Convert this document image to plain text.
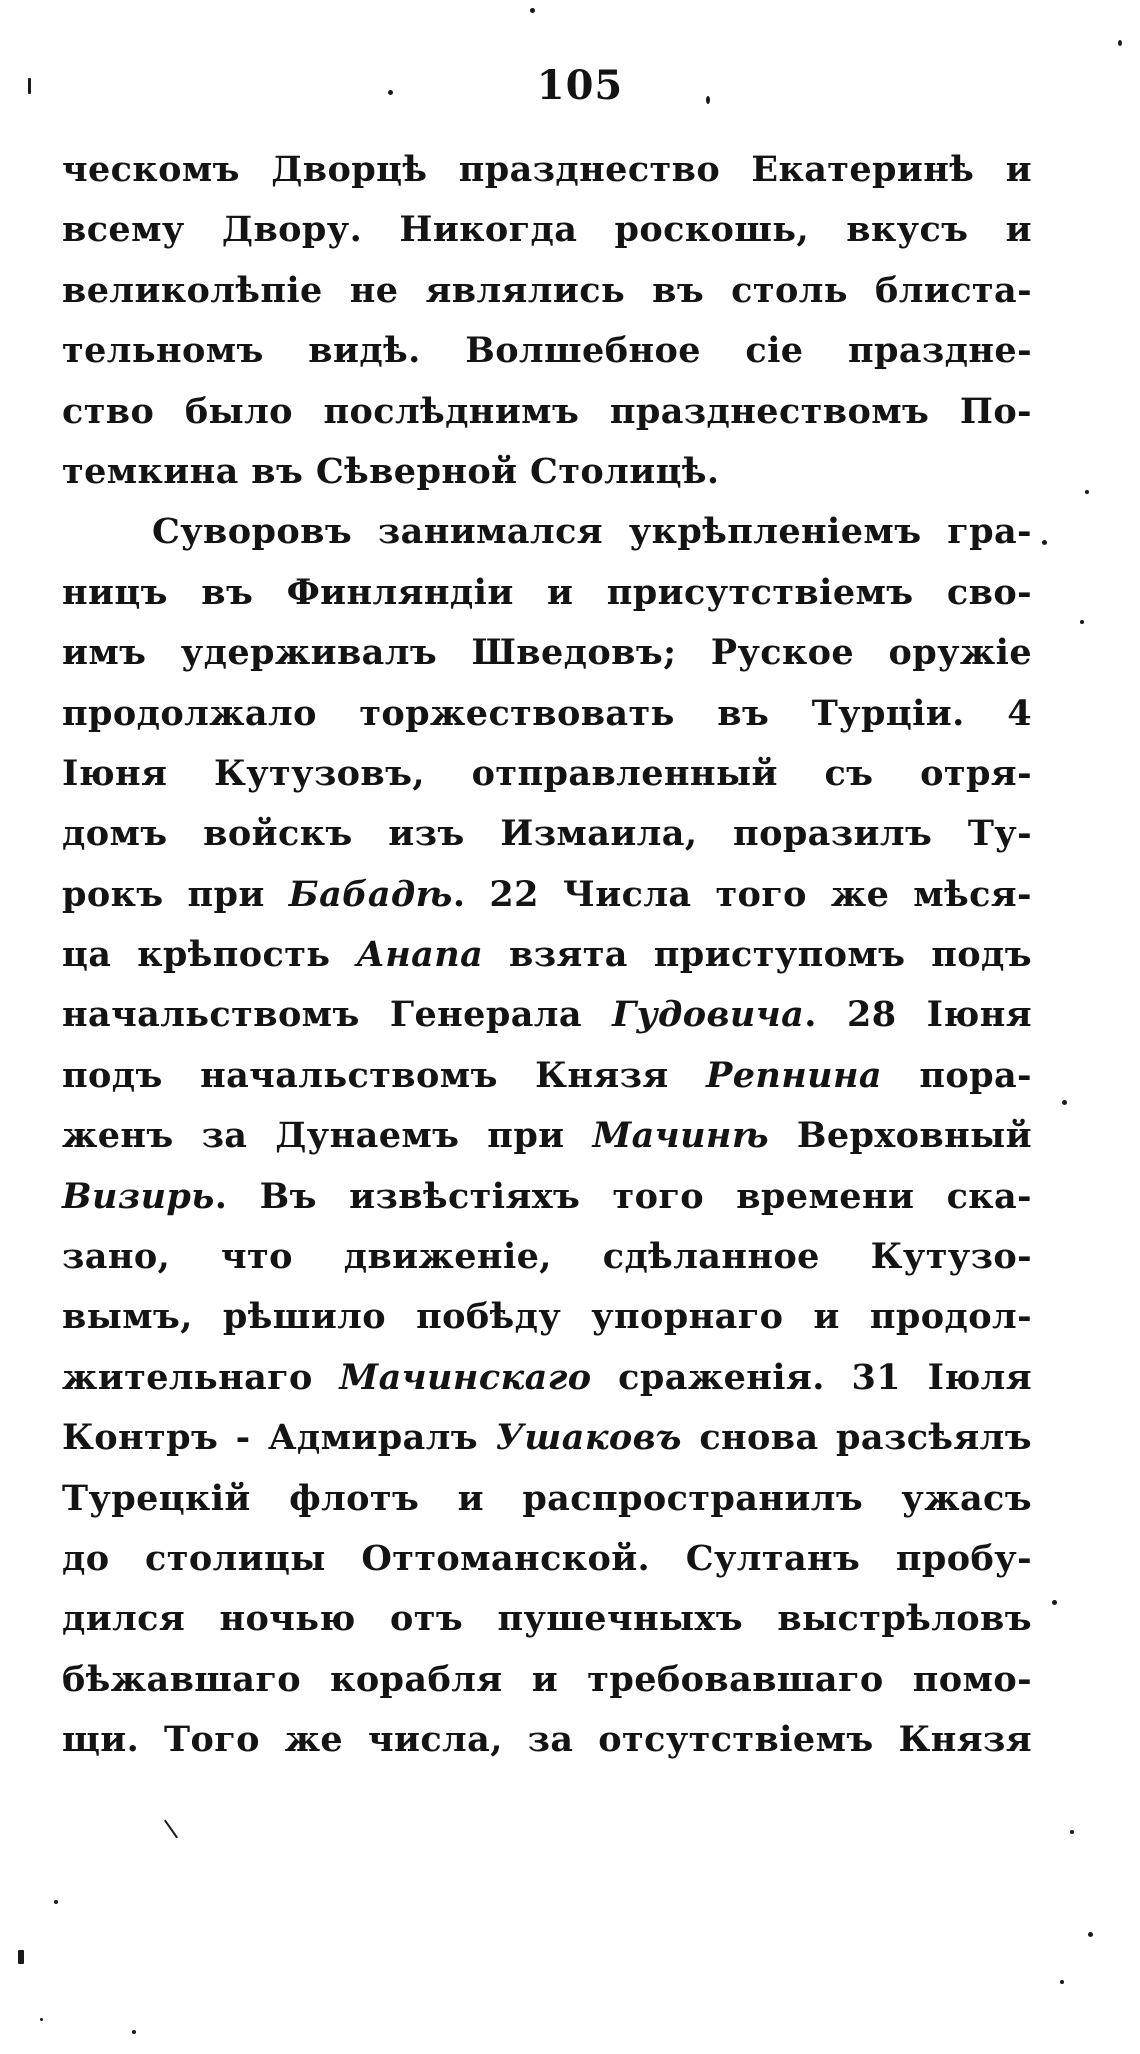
105
ческомъ Дворцѣ празднество Екатеринѣ и
всему Двору. Никогда роскошь, вкусъ и
великолѣпіе не являлись въ столь блиста-
тельномъ видѣ. Волшебное сіе праздне-
ство было послѣднимъ празднествомъ По-
темкина въ Сѣверной Столицѣ.
Суворовъ занимался укрѣпленіемъ гра-
ницъ въ Финляндіи и присутствіемъ сво-
имъ удерживалъ Шведовъ; Руское оружіе
продолжало торжествовать въ Турціи. 4
Іюня Кутузовъ, отправленный съ отря-
домъ войскъ изъ Измаила, поразилъ Ту-
рокъ при Бабадѣ. 22 Числа того же мѣся-
ца крѣпость Анапа взята приступомъ подъ
начальствомъ Генерала Гудовича. 28 Іюня
подъ начальствомъ Князя Репнина пора-
женъ за Дунаемъ при Мачинѣ Верховный
Визирь. Въ извѣстіяхъ того времени ска-
зано, что движеніе, сдѣланное Кутузо-
вымъ, рѣшило побѣду упорнаго и продол-
жительнаго Мачинскаго сраженія. 31 Іюля
Контръ - Адмиралъ Ушаковъ снова разсѣялъ
Турецкій флотъ и распространилъ ужасъ
до столицы Оттоманской. Султанъ пробу-
дился ночью отъ пушечныхъ выстрѣловъ
бѣжавшаго корабля и требовавшаго помо-
щи. Того же числа, за отсутствіемъ Князя
